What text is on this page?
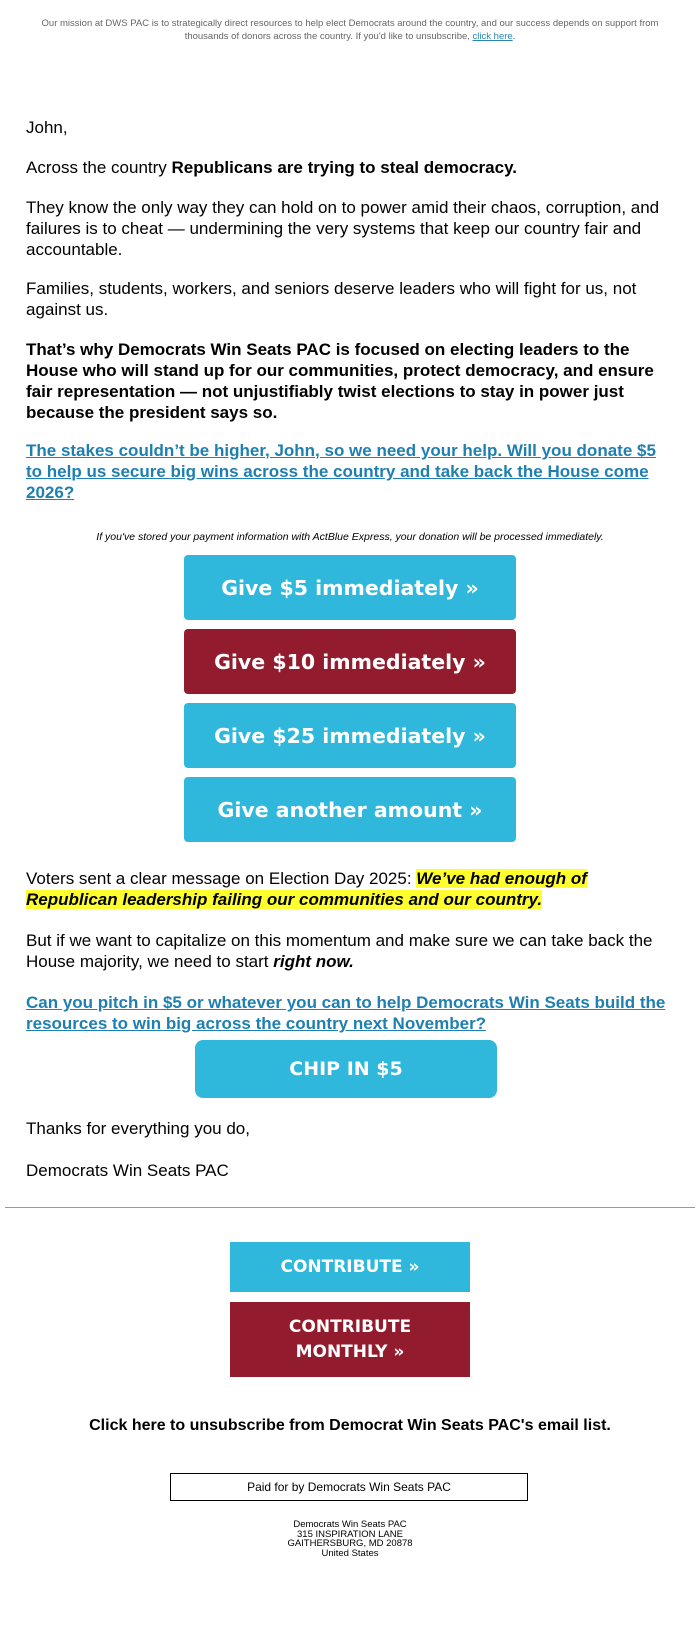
Our mission at DWS PAC is to strategically direct resources to help elect Democrats around the country, and our success depends on support from thousands of donors across the country. If you'd like to unsubscribe, click here.
John,
Across the country Republicans are trying to steal democracy.
They know the only way they can hold on to power amid their chaos, corruption, and failures is to cheat — undermining the very systems that keep our country fair and accountable.
Families, students, workers, and seniors deserve leaders who will fight for us, not against us.
That’s why Democrats Win Seats PAC is focused on electing leaders to the House who will stand up for our communities, protect democracy, and ensure fair representation — not unjustifiably twist elections to stay in power just because the president says so.
The stakes couldn’t be higher, John, so we need your help. Will you donate $5 to help us secure big wins across the country and take back the House come 2026?
If you've stored your payment information with ActBlue Express, your donation will be processed immediately.
Give $5 immediately »
Give $10 immediately »
Give $25 immediately »
Give another amount »
Voters sent a clear message on Election Day 2025: We’ve had enough of Republican leadership failing our communities and our country.
But if we want to capitalize on this momentum and make sure we can take back the House majority, we need to start right now.
Can you pitch in $5 or whatever you can to help Democrats Win Seats build the resources to win big across the country next November?
CHIP IN $5
Thanks for everything you do,
Democrats Win Seats PAC
CONTRIBUTE »
CONTRIBUTE
MONTHLY »
Click here to unsubscribe from Democrat Win Seats PAC's email list.
Paid for by Democrats Win Seats PAC
Democrats Win Seats PAC
315 INSPIRATION LANE
GAITHERSBURG, MD 20878
United States
